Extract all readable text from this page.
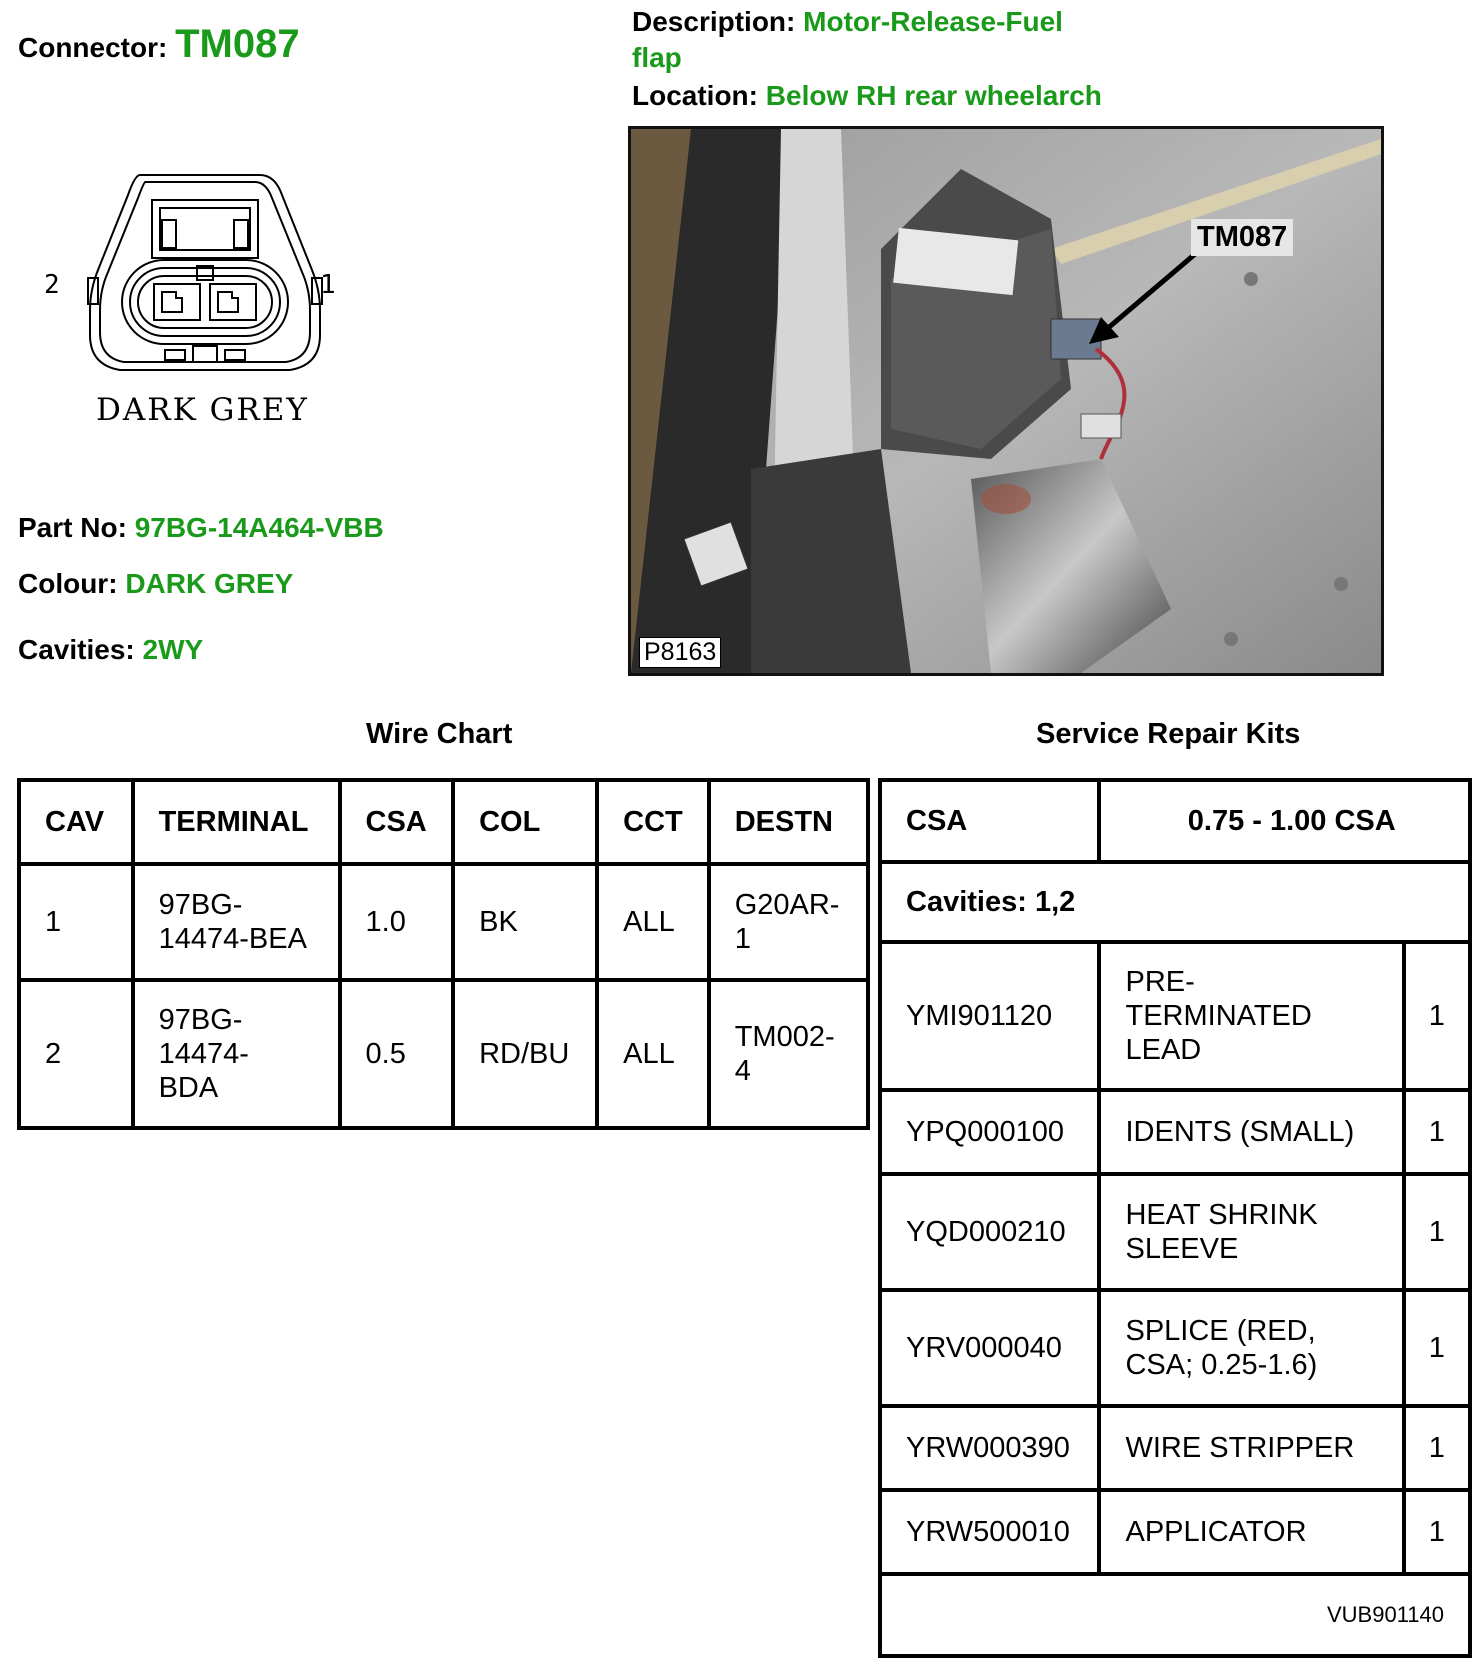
Connector: TM087
Description: Motor-Release-Fuel
flap
Location: Below RH rear wheelarch
2	1
DARK GREY
Part No: 97BG-14A464-VBB
Colour: DARK GREY
Cavities: 2WY
TM087
P8163
Wire Chart
CAV	TERMINAL	CSA	COL	CCT	DESTN
1	97BG-
14474-BEA	1.0	BK	ALL	G20AR-
1
2	97BG-
14474-
BDA	0.5	RD/BU	ALL	TM002-
4
Service Repair Kits
CSA	0.75 - 1.00 CSA	
Cavities: 1,2		
YMI901120	PRE-
TERMINATED
LEAD	1
YPQ000100	IDENTS (SMALL)	1
YQD000210	HEAT SHRINK
SLEEVE	1
YRV000040	SPLICE (RED,
CSA; 0.25-1.6)	1
YRW000390	WIRE STRIPPER	1
YRW500010	APPLICATOR	1
VUB901140		
